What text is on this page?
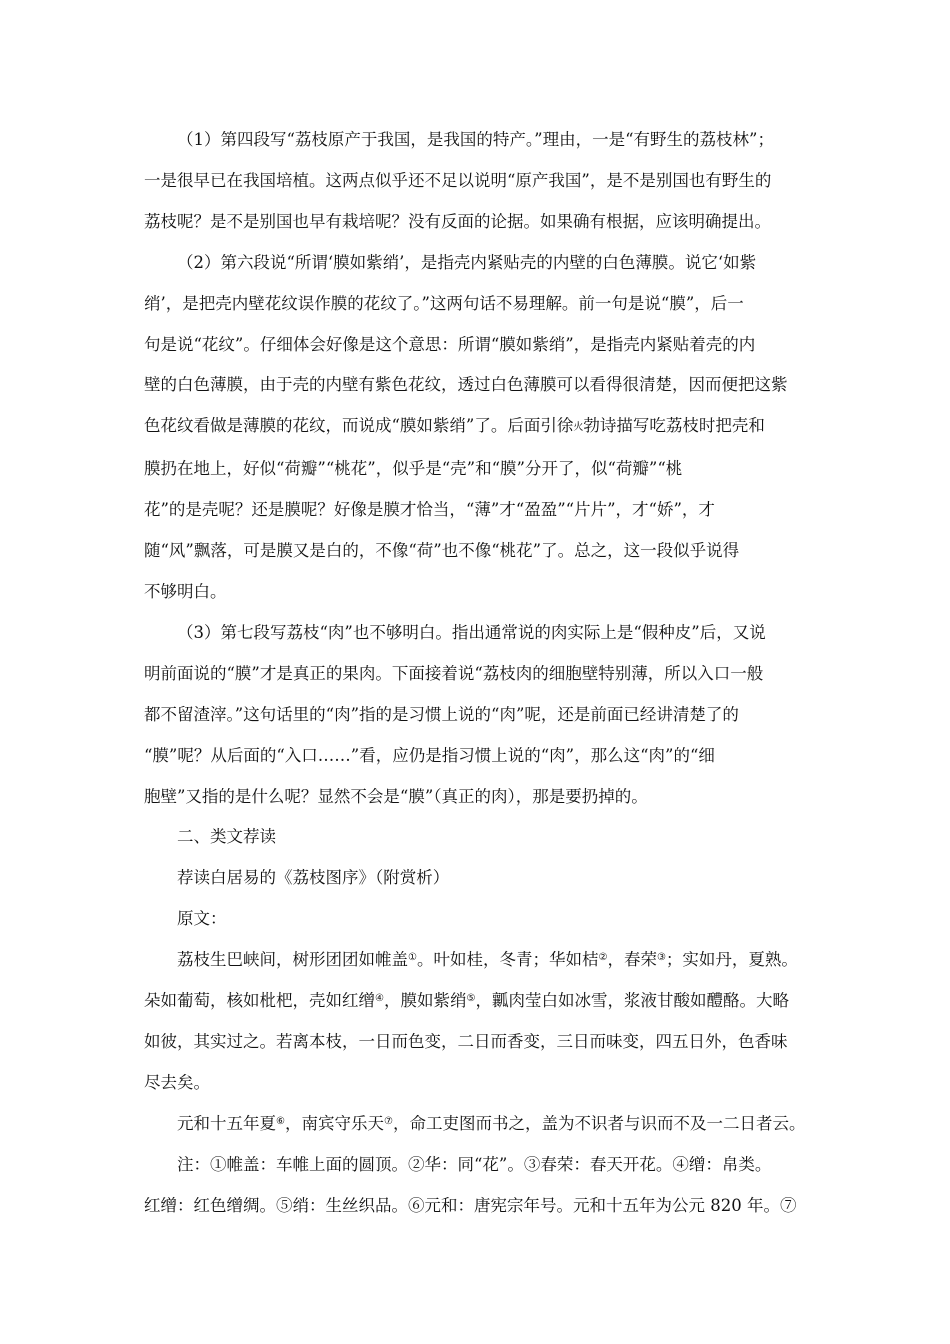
（1）第四段写“荔枝原产于我国，是我国的特产。”理由，一是“有野生的荔枝林”；
一是很早已在我国培植。这两点似乎还不足以说明“原产我国”，是不是别国也有野生的
荔枝呢？是不是别国也早有栽培呢？没有反面的论据。如果确有根据，应该明确提出。
（2）第六段说“所谓‘膜如紫绡’，是指壳内紧贴壳的内壁的白色薄膜。说它‘如紫
绡’，是把壳内壁花纹误作膜的花纹了。”这两句话不易理解。前一句是说“膜”，后一
句是说“花纹”。仔细体会好像是这个意思：所谓“膜如紫绡”，是指壳内紧贴着壳的内
壁的白色薄膜，由于壳的内壁有紫色花纹，透过白色薄膜可以看得很清楚，因而便把这紫
色花纹看做是薄膜的花纹，而说成“膜如紫绡”了。后面引徐火勃诗描写吃荔枝时把壳和
膜扔在地上，好似“荷瓣”“桃花”，似乎是“壳”和“膜”分开了，似“荷瓣”“桃
花”的是壳呢？还是膜呢？好像是膜才恰当，“薄”才“盈盈”“片片”，才“娇”，才
随“风”飘落，可是膜又是白的，不像“荷”也不像“桃花”了。总之，这一段似乎说得
不够明白。
（3）第七段写荔枝“肉”也不够明白。指出通常说的肉实际上是“假种皮”后，又说
明前面说的“膜”才是真正的果肉。下面接着说“荔枝肉的细胞壁特别薄，所以入口一般
都不留渣滓。”这句话里的“肉”指的是习惯上说的“肉”呢，还是前面已经讲清楚了的
“膜”呢？从后面的“入口……”看，应仍是指习惯上说的“肉”，那么这“肉”的“细
胞壁”又指的是什么呢？显然不会是“膜”（真正的肉），那是要扔掉的。
二、类文荐读
荐读白居易的《荔枝图序》（附赏析）
原文：
荔枝生巴峡间，树形团团如帷盖①。叶如桂，冬青；华如桔②，春荣③；实如丹，夏熟。
朵如葡萄，核如枇杷，壳如红缯④，膜如紫绡⑤，瓤肉莹白如冰雪，浆液甘酸如醴酪。大略
如彼，其实过之。若离本枝，一日而色变，二日而香变，三日而味变，四五日外，色香味
尽去矣。
元和十五年夏⑥，南宾守乐天⑦，命工吏图而书之，盖为不识者与识而不及一二日者云。
注：①帷盖：车帷上面的圆顶。②华：同“花”。③春荣：春天开花。④缯：帛类。
红缯：红色缯绸。⑤绡：生丝织品。⑥元和：唐宪宗年号。元和十五年为公元 820 年。⑦
